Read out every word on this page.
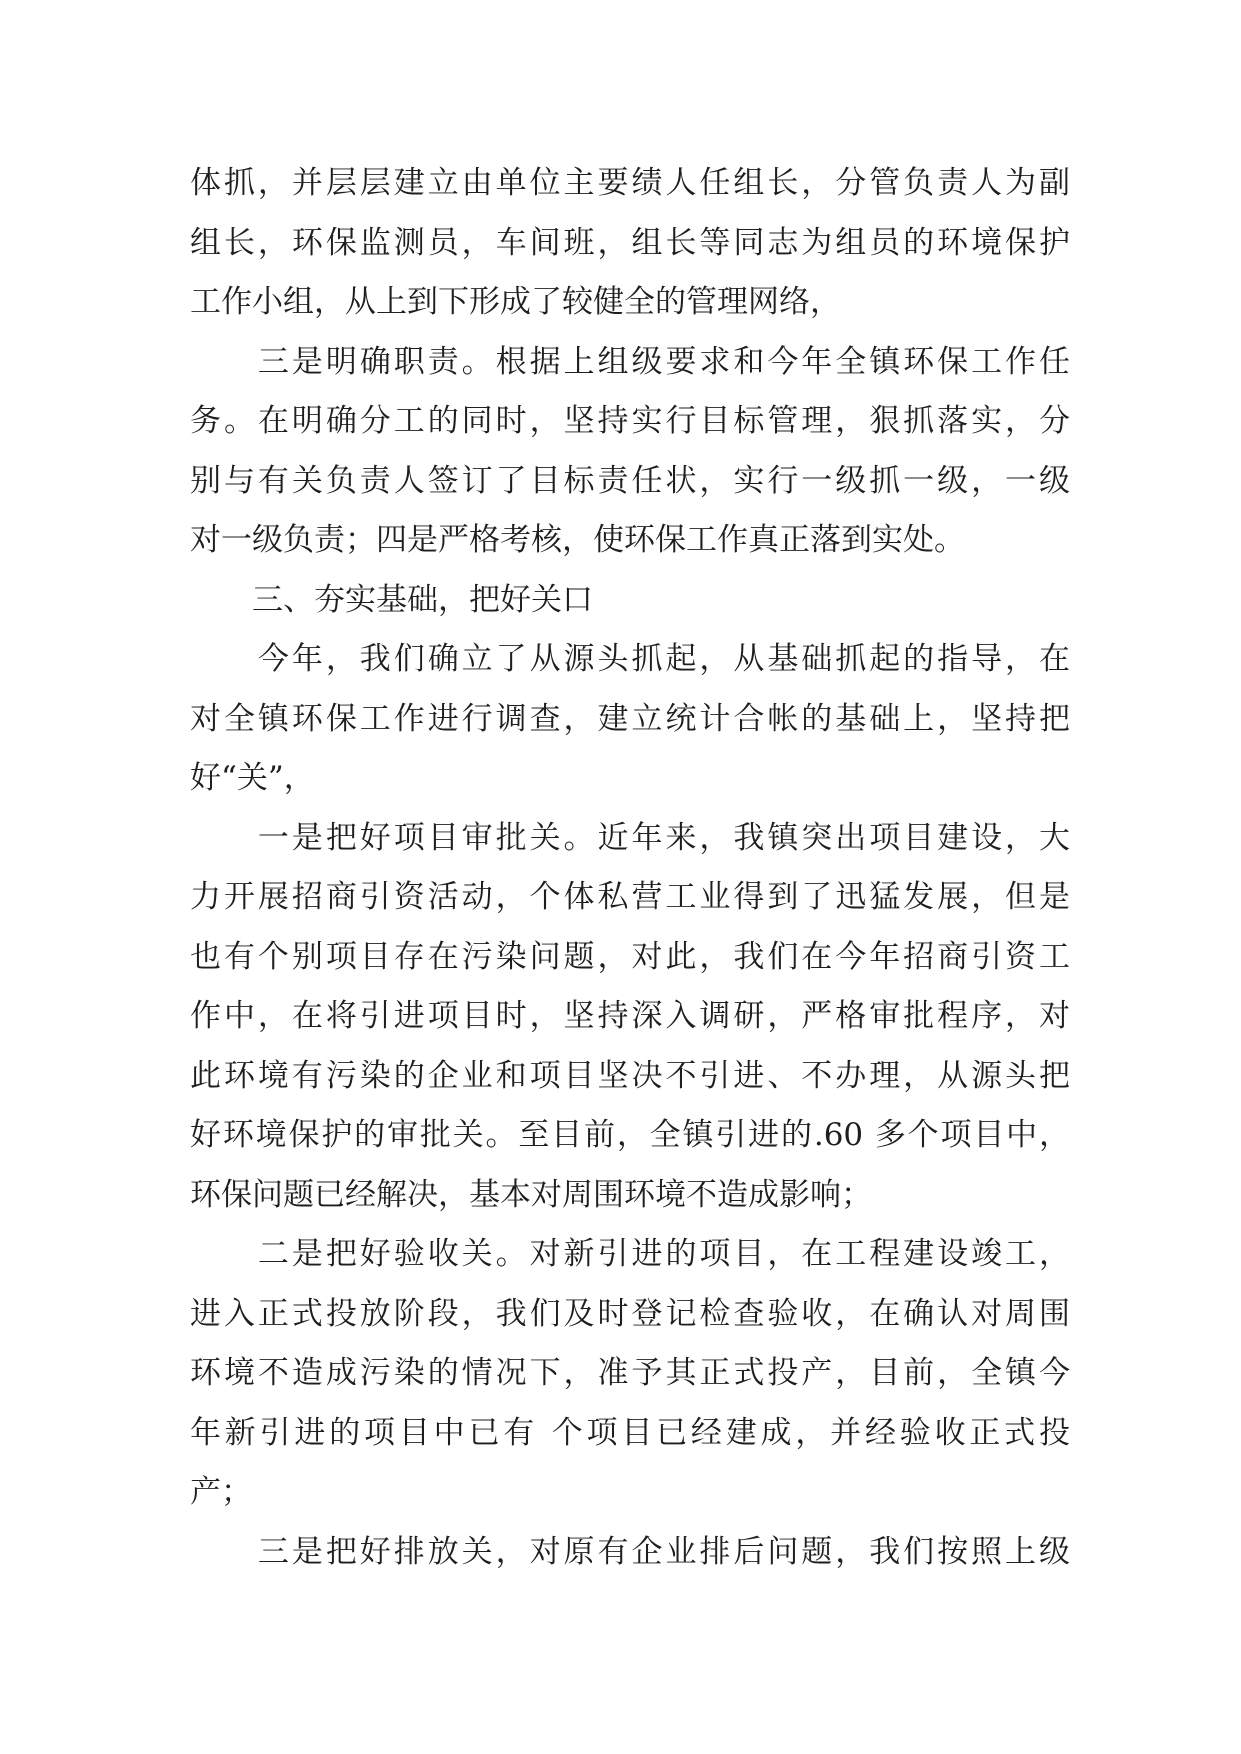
体抓，并层层建立由单位主要绩人任组长，分管负责人为副
组长，环保监测员，车间班，组长等同志为组员的环境保护
工作小组，从上到下形成了较健全的管理网络，
　　三是明确职责。根据上组级要求和今年全镇环保工作任
务。在明确分工的同时，坚持实行目标管理，狠抓落实，分
别与有关负责人签订了目标责任状，实行一级抓一级，一级
对一级负责；四是严格考核，使环保工作真正落到实处。
　　三、夯实基础，把好关口
　　今年，我们确立了从源头抓起，从基础抓起的指导，在
对全镇环保工作进行调查，建立统计合帐的基础上，坚持把
好“关”，
　　一是把好项目审批关。近年来，我镇突出项目建设，大
力开展招商引资活动，个体私营工业得到了迅猛发展，但是
也有个别项目存在污染问题，对此，我们在今年招商引资工
作中，在将引进项目时，坚持深入调研，严格审批程序，对
此环境有污染的企业和项目坚决不引进、不办理，从源头把
好环境保护的审批关。至目前，全镇引进的.60 多个项目中，
环保问题已经解决，基本对周围环境不造成影响；
　　二是把好验收关。对新引进的项目，在工程建设竣工，
进入正式投放阶段，我们及时登记检查验收，在确认对周围
环境不造成污染的情况下，准予其正式投产，目前，全镇今
年新引进的项目中已有 个项目已经建成，并经验收正式投
产；
　　三是把好排放关，对原有企业排后问题，我们按照上级
